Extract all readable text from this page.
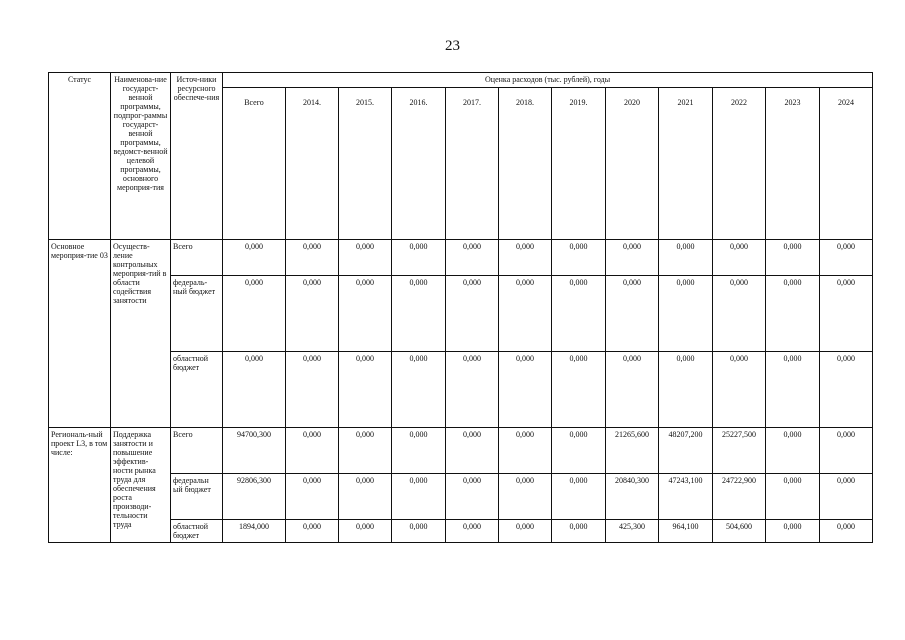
23
Статус	Наименова-ние государст-венной программы, подпрог-раммы государст-венной программы, ведомст-венной целевой программы, основного мероприя-тия	Источ-ники ресурсного обеспече-ния	Оценка расходов (тыс. рублей), годы											
			Всего	2014.	2015.	2016.	2017.	2018.	2019.	2020	2021	2022	2023	2024
Основное мероприя-тие 03	Осуществ-ление контрольных мероприя-тий в области содействия занятости	Всего	0,000	0,000	0,000	0,000	0,000	0,000	0,000	0,000	0,000	0,000	0,000	0,000
		федераль-ный бюджет	0,000	0,000	0,000	0,000	0,000	0,000	0,000	0,000	0,000	0,000	0,000	0,000
		областной бюджет	0,000	0,000	0,000	0,000	0,000	0,000	0,000	0,000	0,000	0,000	0,000	0,000
Региональ-ный проект L3, в том числе:	Поддержка занятости и повышение эффектив-ности рынка труда для обеспечения роста производи-тельности труда	Всего	94700,300	0,000	0,000	0,000	0,000	0,000	0,000	21265,600	48207,200	25227,500	0,000	0,000
		федеральн ый бюджет	92806,300	0,000	0,000	0,000	0,000	0,000	0,000	20840,300	47243,100	24722,900	0,000	0,000
		областной бюджет	1894,000	0,000	0,000	0,000	0,000	0,000	0,000	425,300	964,100	504,600	0,000	0,000
